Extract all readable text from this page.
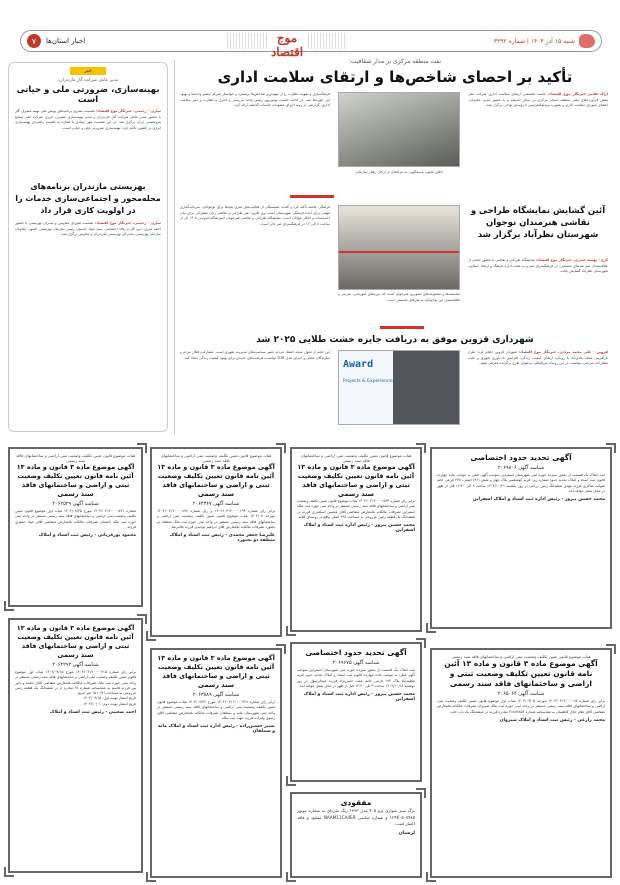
شنبه ۱۵ آذر ۱۴۰۴ | شماره ۳۳۹۲
موج اقتصاد
اخبار استان‌ها
۷
نفت منطقه مرکزی بر مدار شفافیت؛
تأکید بر احصای شاخص‌ها و ارتقای سلامت اداری
اراک-غلامی-خبرنگار موج اقتصاد: جلسه تخصصی ارتقای سلامت اداری شرکت ملی پخش فرآورده‌های نفتی منطقه استان مرکزی در سالن اندیشه و با حضور مدیر، معاونان، اعضای شورای سلامت اداری و بصورت ویدئوکنفرانس با رؤسای نواحی برگزار شد.
اخلاق محور، پاسخگویی به مراجعان از ارکان رفتار سازمانی
فرهنگسازی و تقویت نظارت را از مهم‌ترین شاخص‌ها برشمرد و خواستار تمرکز بیشتر واحدها و بهبود این حوزه‌ها شد. در ادامه جلسه، یونس‌پور رئیس واحد بازرسی و کنترل و نظارت و دبیر سلامت اداری، گزارشی از روند اجرای مصوبات جلسات گذشته ارائه کرد.
خبر
مدیر عامل شرکت گاز مازندران:
بهینه‌سازی، ضرورتی ملی و حیاتی است
ساری - رحیمی، خبرنگار موج اقتصاد: نشست تشریح برنامه‌های پویش ملی بهینه مصرف گاز با حضور مدیر عامل شرکت گاز مازندران و مدیر بهینه‌سازی مصرف انرژی شرکت ملی صنایع پتروشیمی ایران برگزار شد. در این نشست مهر جوادی با اشاره به اهمیت راهبردی بهینه‌سازی انرژی در کشور، تأکید کرد: بهینه‌سازی ضرورتی ملی و حیاتی است.
بهزیستی مازندران برنامه‌های محله‌محور و اجتماعی‌سازی خدمات را در اولویت کاری قرار داد
ساری - رحیمی، خبرنگار موج اقتصاد: نشست شورای معاونین و مدیران بهزیستی با حضور احمد میری، دبیر کل و رفاه اجتماعی، سید جواد حسینی رئیس سازمان بهزیستی کشور، معاونان سازمان بهزیستی، مدیرکل بهزیستی مازندران و معاونین برگزار شد.
آئین گشایش نمایشگاه طراحی و نقاشی هنرمندان نوجوان شهرستان نظرآباد برگزار شد
کرج - بهمنه حیدری، خبرنگار موج اقتصاد: نمایشگاه طراحی و نقاشی با حضور جمعی از علاقه‌مندان سه هنرهای تجسمی، در فرهنگسرای هنر و به همت اداره فرهنگ و ارشاد اسلامی شهرستان نظرآباد گشایش یافت.
مجسمه‌ها و مجموعه‌های تصویری هنرجوان است که دوره‌های آموزشی، تمرینی و علاقه‌مندی این نوجوانان به هنرهای تجسمی است.
فرهنگی جامعه تأکید کرد و گفت: همبستگی از فعالیت‌های هنری بچه‌ها برای نوجوانان، سرمایه‌گذاری مهمی برای آینده فرهنگی شهرستان است. وی افزود: هنر طراحی و نقاشی زبان مشترکی برای بیان احساسات و افکار جوانان است. نمایشگاه طراحی و نقاشی هنرجویان آموزشگاه فرودین تا ۱۹ آذر از ساعت ۸ الی ۱۲ در فرهنگسرای هنر دائر است.
شهرداری قزوین موفق به دریافت جایزه خشت طلایی ۲۰۲۵ شد
قزوین - علی محمد مرادی، خبرنگار موج اقتصاد: شهردار قزوین اعلام کرد: طرح بازآفرینی محله عادی‌آباد با رویکرد ارتقای کیفیت زندگی، افزایش تاب‌آوری شهری و جلب مشارکت مردمی، توانست در این رویداد بین‌المللی به‌عنوان طرح برگزیده معرفی شود.
Award
Projects & Experiences
این حجم از تحول نتیجه اعتماد مردم، تغییر سیاست‌های مدیریت شهری است. مشارکت فعال مردم و سازندگان محلی و اجرای مدل TDR توانست فرصت‌های جدیدی برای بهبود کیفیت زندگی ایجاد کند.
آگهی تحدید حدود اختصاصی
شناسه آگهی ۲۰۶۹۸۰۶
ثبت املاک یک قسمت از بخش سیزده حوزه ثبتی شهرستان اسفراین بموجب آگهی قبلی به موجب ماده چهارده قانون ثبت اسناد و املاک تحدید حدود شماره زیر: قریه کوشکسر پلاک چهل و شش (۴۶) اصلی. ۲۳۸ فرعی خانم شوکت شاکری فرزند مهدی ششدانگ زمین زراعی در روز یکشنبه ۱۴۰۴/۱۰/۲۱ ساعت ۹ الی ۱۲:۳۰ قبل از ظهر در محل بعمل خواهد آمد.
محمد حسین پیروز - رئیس اداره ثبت اسناد و املاک اسفراین
هیات موضوع قانون تعیین تکلیف وضعیت ثبتی اراضی و ساختمانهای فاقد سند رسمی
آگهی موضوع ماده ۳ قانون و ماده ۱۳ آئین نامه قانون تعیین تکلیف وضعیت ثبتی و اراضی و ساختمانهای فاقد سند رسمی
شناسه آگهی ۲۰۶۵۰۶۴
برابر رای شماره ۱۴۰۴۶۰۳۱۲۰۰۰۰۱۵ مورخه ۱۴۰۴/۰۹/۰۵ هیات اول موضوع قانون تعیین تکلیف وضعیت ثبتی اراضی و ساختمانهای فاقد سند رسمی مستقر در واحد ثبتی حوزه ثبت ملک شیروان تصرفات مالکانه بلامعارض متقاضی آقای غلام جلال کاظمیان به شناسنامه شماره ۲۸۸۷۸۸۵۴ صادره فرزند در ششدانگ یک باب خانه.
محمد زارعی - رئیس ثبت اسناد و املاک شیروان
هیات موضوع قانون تعیین تکلیف وضعیت ثبتی اراضی و ساختمانهای فاقد سند رسمی
آگهی موضوع ماده ۳ قانون و ماده ۱۳ آئین نامه قانون تعیین تکلیف وضعیت ثبتی و اراضی و ساختمانهای فاقد سند رسمی
برابر رای شماره ۱۴۰۴۶۰۳۱۲۰۰۰۰۵۳۳ هیات موضوع قانون تعیین تکلیف وضعیت ثبتی اراضی و ساختمانهای فاقد سند رسمی مستقر در واحد ثبتی حوزه ثبت ملک اسفراین تصرفات مالکانه بلامعارض متقاضی آقای محسن اسکندری فرزند در ششدانگ یک قطعه زمین مزروعی به مساحت ۲۳۸ اصلی واقع در روستای کلاته.
محمد حسین پیروز - رئیس اداره ثبت اسناد و املاک اسفراین
آگهی تحدید حدود اختصاصی
شناسه آگهی ۲۰۶۹۶۷۵
ثبت املاک یک قسمت از بخش سیزده حوزه ثبتی شهرستان اسفراین بموجب آگهی قبلی به موجب ماده چهارده قانون ثبت اسناد و املاک تحدید حدود قریه عظیم‌آباد پلاک ۱۷۳ فرعی خانم عفت حسن‌نژاد فرزند عبدالرسول در روز دوشنبه ۱۴۰۴/۱۰/۱۸ ساعت ۹ الی ۱۲:۳۰ قبل از ظهر در محل بعمل خواهد آمد.
محمد حسین پیروز - رئیس اداره ثبت اسناد و املاک اسفراین
مفقودی
برگ سبز سواری پژو ۴۰۵ مدل ۱۳۹۳ رنگ نقره‌ای به شماره موتور ۱۲۴K۰۵۰۷۴۸۵ و شماره شاسی NAAM11CA4ER مفقود و فاقد اعتبار است.
لرستان
هیات موضوع قانون تعیین تکلیف وضعیت ثبتی اراضی و ساختمانهای فاقد سند رسمی
آگهی موضوع ماده ۳ قانون و ماده ۱۳ آئین نامه قانون تعیین تکلیف وضعیت ثبتی و اراضی و ساختمانهای فاقد سند رسمی
شناسه آگهی ۲۰۶۴۳۶۷
برابر رای شماره ۱۴۰۴۶۰۳۱۲۰۰۰۰۱۹۹ و رای شماره ۱۴۰۴۶۰۳۱۲۰۰۰۰۸۹۷ مورخه ۱۴۰۴/۰۸ هیات موضوع قانون تعیین تکلیف وضعیت ثبتی اراضی و ساختمانهای فاقد سند رسمی مستقر در واحد ثبتی حوزه ثبت ملک منطقه دو بجنورد تصرفات مالکانه بلامعارض آقای ابراهیم توحیدی فرزند غلامرضا.
علیرضا جعفر محمدی - رئیس ثبت اسناد و املاک منطقه دو بجنورد
آگهی موضوع ماده ۳ قانون و ماده ۱۳ آئین نامه قانون تعیین تکلیف وضعیت ثبتی و اراضی و ساختمانهای فاقد سند رسمی
شناسه آگهی ۲۰۶۳۸۸۹
برابر رای شماره ۱۴۰۴۶۰۳۱۲۰۰۰۰۳۲۸ مورخ ۱۴۰۴/۰۸/۲۲ هیات موضوع قانون تعیین تکلیف وضعیت ثبتی اراضی و ساختمانهای فاقد سند رسمی مستقر در واحد ثبتی شهرستان مانه و سملقان تصرفات مالکانه بلامعارض متقاضی آقای رسول ولیزاده فرزند جهت ثبت ملک.
بشیر حسین‌زاده - رئیس اداره ثبت اسناد و املاک مانه و سملقان
هیات موضوع قانون تعیین تکلیف وضعیت ثبتی اراضی و ساختمانهای فاقد سند رسمی
آگهی موضوع ماده ۳ قانون و ماده ۱۳ آئین نامه قانون تعیین تکلیف وضعیت ثبتی و اراضی و ساختمانهای فاقد سند رسمی
شناسه آگهی ۲۰۶۲۵۲۹
شماره ۱۴۰۴۶۰۳۱۲۰۰۰۰۵۲۱ مورخ ۱۴۰۴/۰۸/۲۵ هیات اول موضوع قانون تعیین تکلیف وضعیت ثبتی اراضی و ساختمانهای فاقد سند رسمی مستقر در واحد ثبتی حوزه ثبت ملک لاهیجان تصرفات مالکانه بلامعارض متقاضی آقای جواد جعفری فرزند.
محمود پورقربانی - رئیس ثبت اسناد و املاک
آگهی موضوع ماده ۳ قانون و ماده ۱۳ آئین نامه قانون تعیین تکلیف وضعیت ثبتی و اراضی و ساختمانهای فاقد سند رسمی
شناسه آگهی ۲۰۶۴۲۹۲
برابر رای شماره ۱۴۰۴۶۰۳۱۲۰۰۰۰۲۱۵ مورخ ۱۴۰۴/۰۹/۱۵ هیات اول موضوع قانون تعیین تکلیف وضعیت ثبتی اراضی و ساختمانهای فاقد سند رسمی مستقر در واحد ثبتی حوزه ثبت ملک تصرفات مالکانه بلامعارض متقاضی آقای محمد و داور پور فرزند قاسم به شناسنامه شماره ۹۱ صادره از در ششدانگ یک قطعه زمین مزروعی به مساحت ۱۵۱۰/۹۱ متر مربع.
تاریخ انتشار نوبت اول: ۱۴۰۴/۰۹/۱۵
تاریخ انتشار نوبت دوم: ۱۴۰۴/۱۰/۰۱
احمد شعیبی - رئیس ثبت اسناد و املاک
